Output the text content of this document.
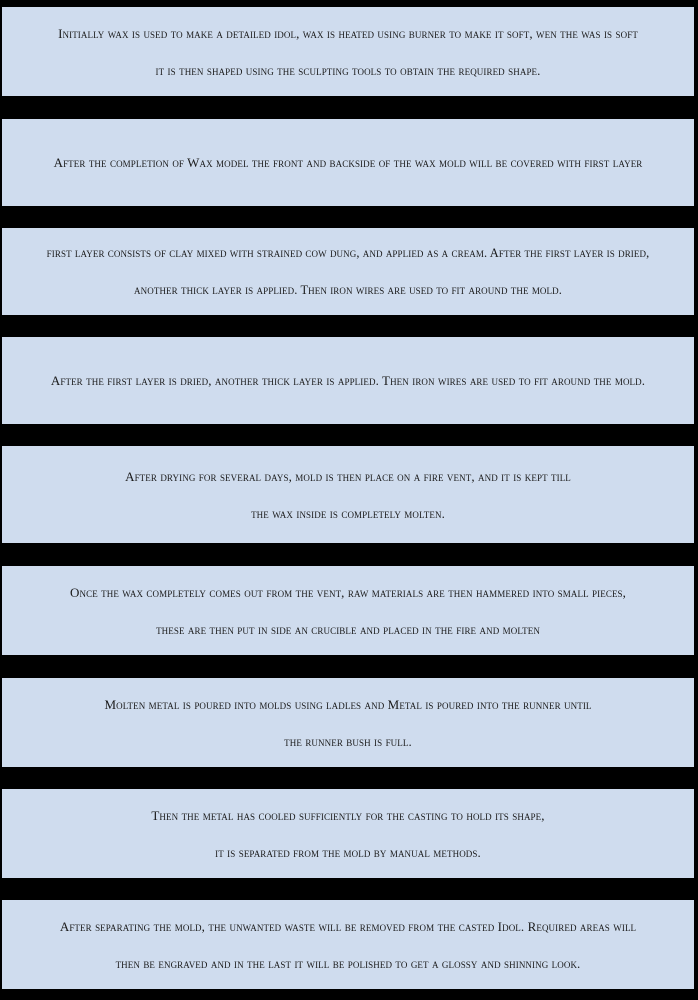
Initially wax is used to make a detailed idol, wax is heated using burner to make it soft, wen the was is soft
it is then shaped using the sculpting tools to obtain the required shape.
After the completion of Wax model the front and backside of the wax mold will be covered with first layer
first layer consists of clay mixed with strained cow dung, and applied as a cream. After the first layer is dried,
another thick layer is applied. Then iron wires are used to fit around the mold.
After the first layer is dried, another thick layer is applied. Then iron wires are used to fit around the mold.
After drying for several days, mold is then place on a fire vent, and it is kept till
the wax inside is completely molten.
Once the wax completely comes out from the vent, raw materials are then hammered into small pieces,
these are then put in side an crucible and placed in the fire and molten
Molten metal is poured into molds using ladles and Metal is poured into the runner until
the runner bush is full.
Then the metal has cooled sufficiently for the casting to hold its shape,
it is separated from the mold by manual methods.
After separating the mold, the unwanted waste will be removed from the casted Idol. Required areas will
then be engraved and in the last it will be polished to get a glossy and shinning look.
